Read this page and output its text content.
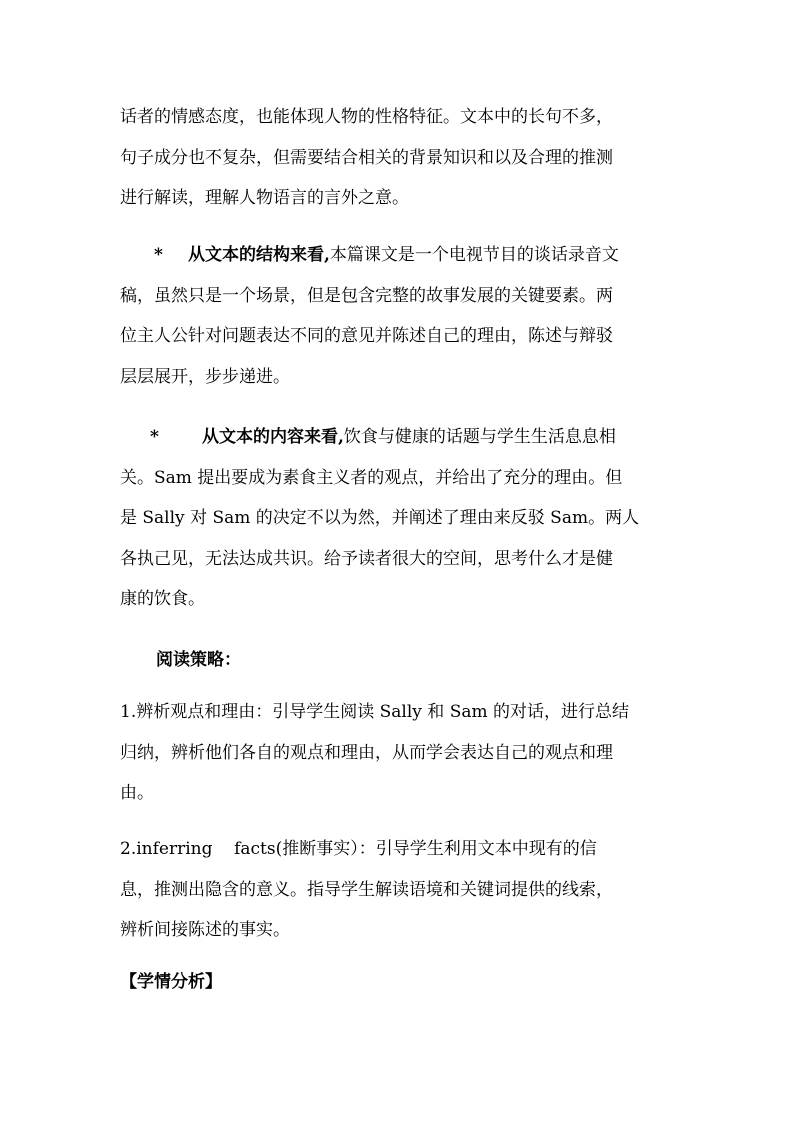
话者的情感态度，也能体现人物的性格特征。文本中的长句不多，
句子成分也不复杂，但需要结合相关的背景知识和以及合理的推测
进行解读，理解人物语言的言外之意。
* 从文本的结构来看,本篇课文是一个电视节目的谈话录音文
稿，虽然只是一个场景，但是包含完整的故事发展的关键要素。两
位主人公针对问题表达不同的意见并陈述自己的理由，陈述与辩驳
层层展开，步步递进。
*	从文本的内容来看,饮食与健康的话题与学生生活息息相
关。Sam 提出要成为素食主义者的观点，并给出了充分的理由。但
是 Sally 对 Sam 的决定不以为然，并阐述了理由来反驳 Sam。两人
各执己见，无法达成共识。给予读者很大的空间，思考什么才是健
康的饮食。
阅读策略：
1.辨析观点和理由：引导学生阅读 Sally 和 Sam 的对话，进行总结
归纳，辨析他们各自的观点和理由，从而学会表达自己的观点和理
由。
2.inferring    facts(推断事实）：引导学生利用文本中现有的信
息，推测出隐含的意义。指导学生解读语境和关键词提供的线索，
辨析间接陈述的事实。
【学情分析】
